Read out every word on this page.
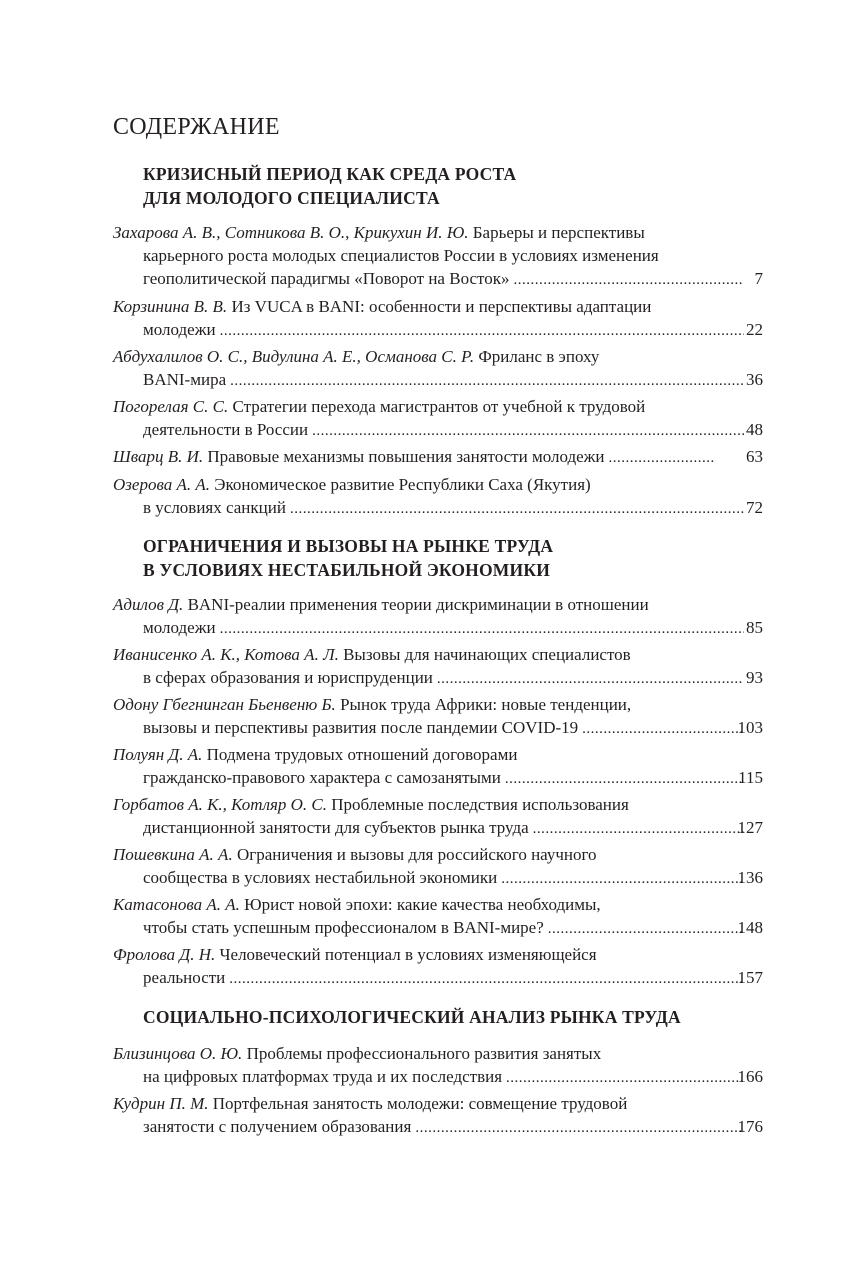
СОДЕРЖАНИЕ
КРИЗИСНЫЙ ПЕРИОД КАК СРЕДА РОСТА
ДЛЯ МОЛОДОГО СПЕЦИАЛИСТА
Захарова А. В., Сотникова В. О., Крикухин И. Ю. Барьеры и перспективы
карьерного роста молодых специалистов России в условиях изменения
геополитической парадигмы «Поворот на Восток» .....	7
Корзинина В. В. Из VUCA в BANI: особенности и перспективы адаптации
молодежи .....	22
Абдухалилов О. С., Видулина А. Е., Османова С. Р. Фриланс в эпоху
BANI-мира .....	36
Погорелая С. С. Стратегии перехода магистрантов от учебной к трудовой
деятельности в России .....	48
Шварц В. И. Правовые механизмы повышения занятости молодежи .....	63
Озерова А. А. Экономическое развитие Республики Саха (Якутия)
в условиях санкций .....	72
ОГРАНИЧЕНИЯ И ВЫЗОВЫ НА РЫНКЕ ТРУДА
В УСЛОВИЯХ НЕСТАБИЛЬНОЙ ЭКОНОМИКИ
Адилов Д. BANI-реалии применения теории дискриминации в отношении
молодежи .....	85
Иванисенко А. К., Котова А. Л. Вызовы для начинающих специалистов
в сферах образования и юриспруденции .....	93
Одону Гбегнинган Бьенвеню Б. Рынок труда Африки: новые тенденции,
вызовы и перспективы развития после пандемии COVID-19 .....	103
Полуян Д. А. Подмена трудовых отношений договорами
гражданско-правового характера с самозанятыми .....	115
Горбатов А. К., Котляр О. С. Проблемные последствия использования
дистанционной занятости для субъектов рынка труда .....	127
Пошевкина А. А. Ограничения и вызовы для российского научного
сообщества в условиях нестабильной экономики .....	136
Катасонова А. А. Юрист новой эпохи: какие качества необходимы,
чтобы стать успешным профессионалом в BANI-мире? .....	148
Фролова Д. Н. Человеческий потенциал в условиях изменяющейся
реальности .....	157
СОЦИАЛЬНО-ПСИХОЛОГИЧЕСКИЙ АНАЛИЗ РЫНКА ТРУДА
Близинцова О. Ю. Проблемы профессионального развития занятых
на цифровых платформах труда и их последствия .....	166
Кудрин П. М. Портфельная занятость молодежи: совмещение трудовой
занятости с получением образования .....	176
